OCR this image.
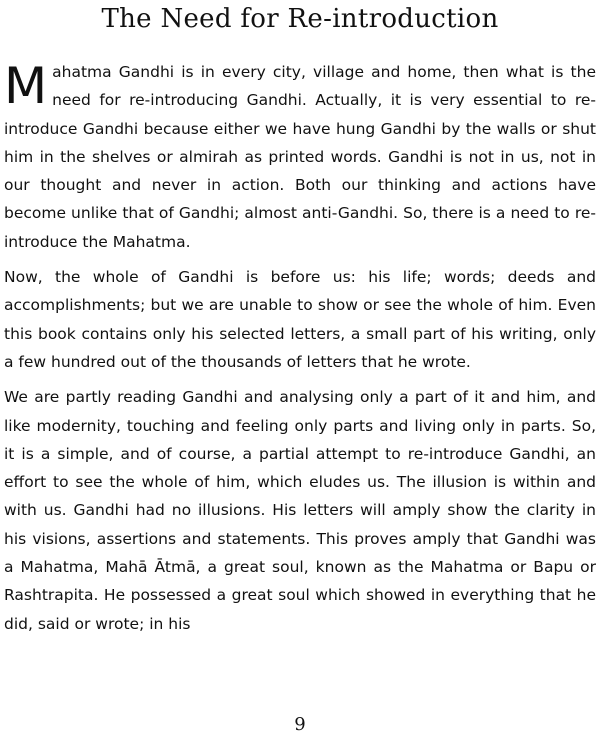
The Need for Re-introduction

Mahatma Gandhi is in every city, village and home, then what is the need for re-introducing Gandhi. Actually, it is very essential to re-introduce Gandhi because either we have hung Gandhi by the walls or shut him in the shelves or almirah as printed words. Gandhi is not in us, not in our thought and never in action. Both our thinking and actions have become unlike that of Gandhi; almost anti-Gandhi. So, there is a need to re-introduce the Mahatma.

Now, the whole of Gandhi is before us: his life; words; deeds and accomplishments; but we are unable to show or see the whole of him. Even this book contains only his selected letters, a small part of his writing, only a few hundred out of the thousands of letters that he wrote.

We are partly reading Gandhi and analysing only a part of it and him, and like modernity, touching and feeling only parts and living only in parts. So, it is a simple, and of course, a partial attempt to re-introduce Gandhi, an effort to see the whole of him, which eludes us. The illusion is within and with us. Gandhi had no illusions. His letters will amply show the clarity in his visions, assertions and statements. This proves amply that Gandhi was a Mahatma, Mahā Ātmā, a great soul, known as the Mahatma or Bapu or Rashtrapita. He possessed a great soul which showed in everything that he did, said or wrote; in his

9
